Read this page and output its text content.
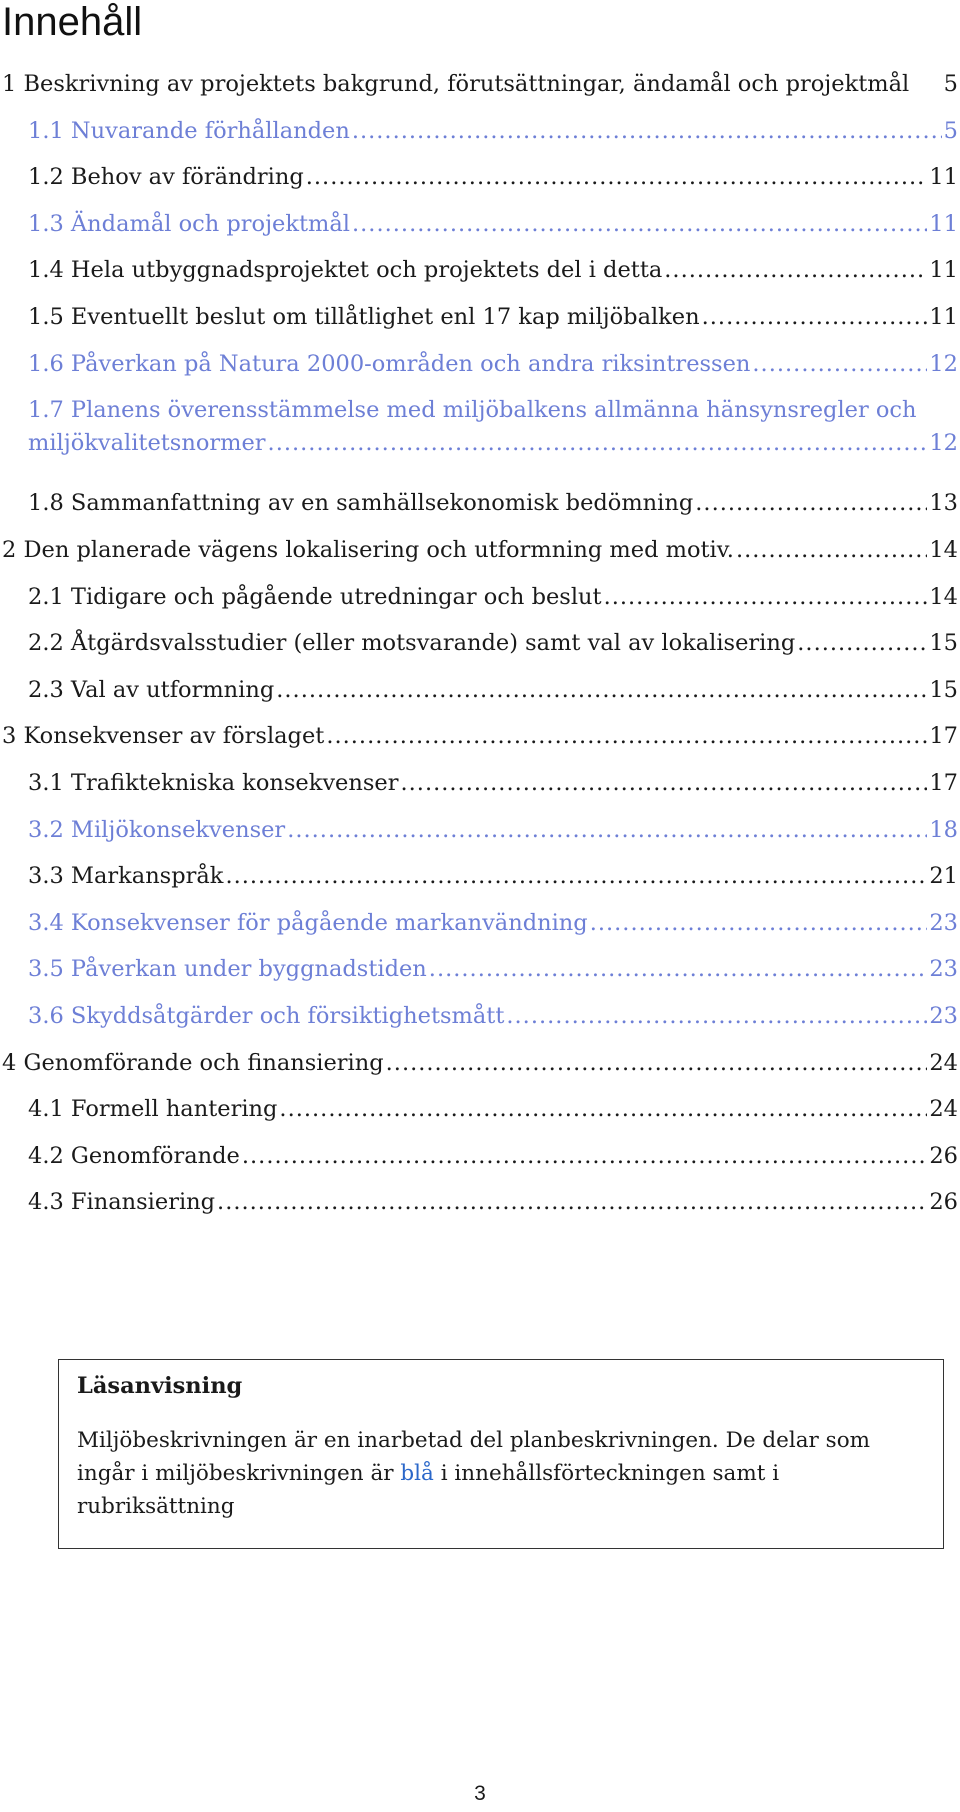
Innehåll
1 Beskrivning av projektets bakgrund, förutsättningar, ändamål och projektmål 5
1.1 Nuvarande förhållanden .....	5
1.2 Behov av förändring .....	11
1.3 Ändamål och projektmål .....	11
1.4 Hela utbyggnadsprojektet och projektets del i detta .....	11
1.5 Eventuellt beslut om tillåtlighet enl 17 kap miljöbalken .....	11
1.6 Påverkan på Natura 2000-områden och andra riksintressen .....	12
1.7 Planens överensstämmelse med miljöbalkens allmänna hänsynsregler och
miljökvalitetsnormer .....	12
1.8 Sammanfattning av en samhällsekonomisk bedömning .....	13
2 Den planerade vägens lokalisering och utformning med motiv. .....	14
2.1 Tidigare och pågående utredningar och beslut .....	14
2.2 Åtgärdsvalsstudier (eller motsvarande) samt val av lokalisering .....	15
2.3 Val av utformning .....	15
3 Konsekvenser av förslaget .....	17
3.1 Trafiktekniska konsekvenser .....	17
3.2 Miljökonsekvenser .....	18
3.3 Markanspråk .....	21
3.4 Konsekvenser för pågående markanvändning .....	23
3.5 Påverkan under byggnadstiden .....	23
3.6 Skyddsåtgärder och försiktighetsmått .....	23
4 Genomförande och finansiering .....	24
4.1 Formell hantering .....	24
4.2 Genomförande .....	26
4.3 Finansiering .....	26

Läsanvisning

Miljöbeskrivningen är en inarbetad del planbeskrivningen. De delar som ingår i miljöbeskrivningen är blå i innehållsförteckningen samt i rubriksättning

3
